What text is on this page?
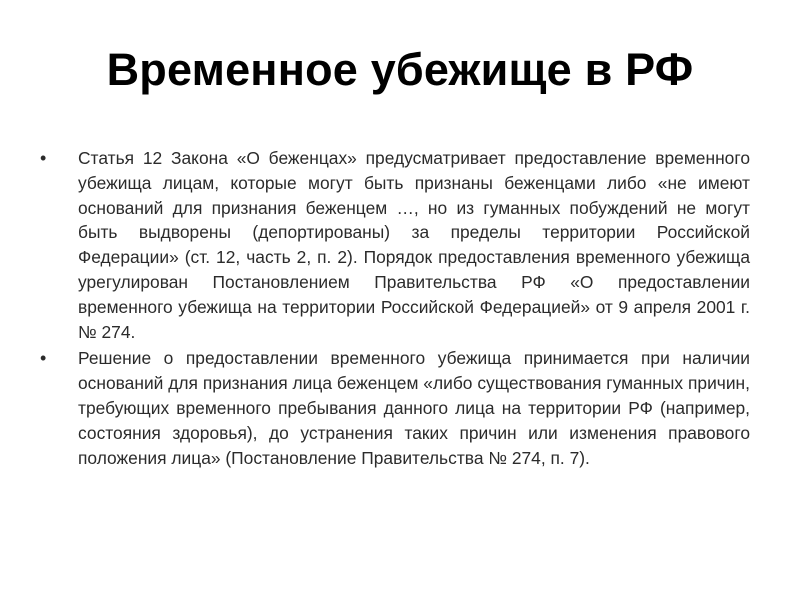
Временное убежище в РФ
• Статья 12 Закона «О беженцах» предусматривает предоставление временного убежища лицам, которые могут быть признаны беженцами либо «не имеют оснований для признания беженцем …, но из гуманных побуждений не могут быть выдворены (депортированы) за пределы территории Российской Федерации» (ст. 12, часть 2, п. 2). Порядок предоставления временного убежища урегулирован Постановлением Правительства РФ «О предоставлении временного убежища на территории Российской Федерацией» от 9 апреля 2001 г. № 274.
• Решение о предоставлении временного убежища принимается при наличии оснований для признания лица беженцем «либо существования гуманных причин, требующих временного пребывания данного лица на территории РФ (например, состояния здоровья), до устранения таких причин или изменения правового положения лица» (Постановление Правительства № 274, п. 7).
